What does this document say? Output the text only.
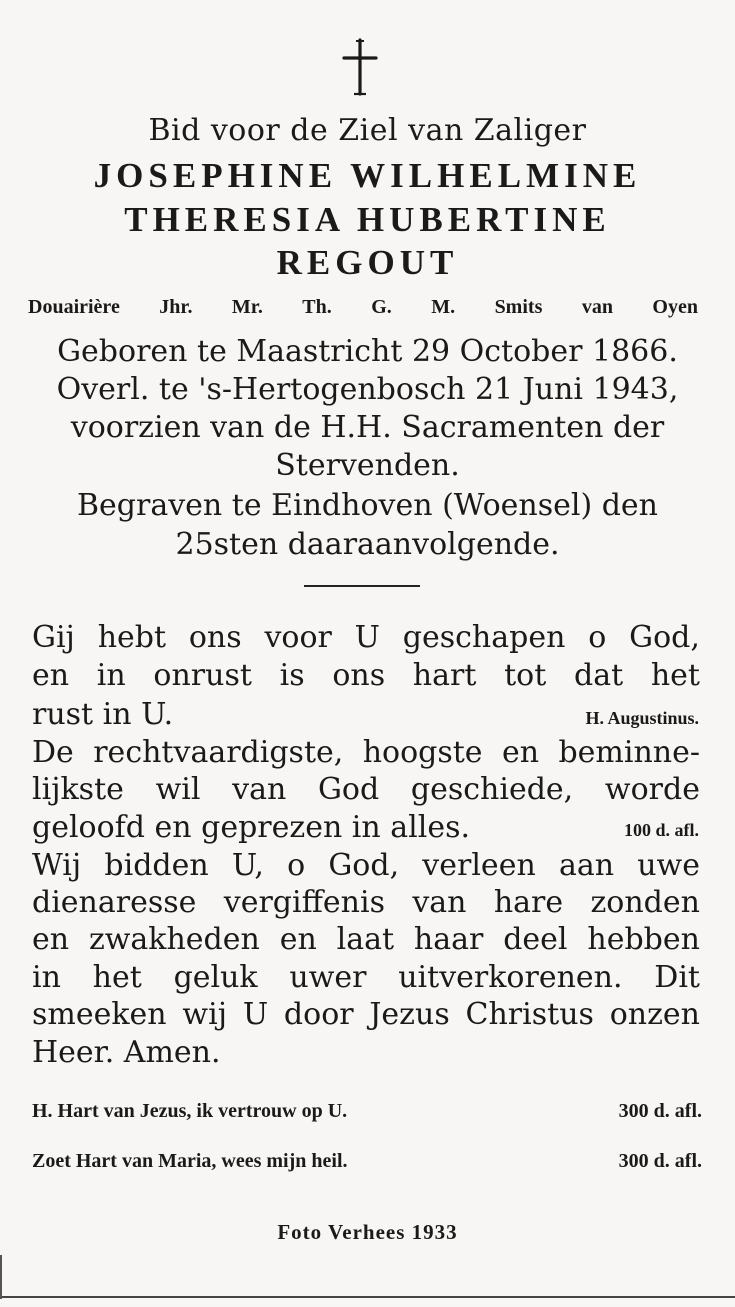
Bid voor de Ziel van Zaliger
JOSEPHINE WILHELMINE
THERESIA HUBERTINE
REGOUT
Douairière Jhr. Mr. Th. G. M. Smits van Oyen
Geboren te Maastricht 29 October 1866.
Overl. te 's-Hertogenbosch 21 Juni 1943,
voorzien van de H.H. Sacramenten der
Stervenden.
Begraven te Eindhoven (Woensel) den
25sten daaraanvolgende.
Gij hebt ons voor U geschapen o God,
en in onrust is ons hart tot dat het
rust in U.	H. Augustinus.
De rechtvaardigste, hoogste en beminne-
lijkste wil van God geschiede, worde
geloofd en geprezen in alles.	100 d. afl.
Wij bidden U, o God, verleen aan uwe
dienaresse vergiffenis van hare zonden
en zwakheden en laat haar deel hebben
in het geluk uwer uitverkorenen. Dit
smeeken wij U door Jezus Christus onzen
Heer. Amen.
H. Hart van Jezus, ik vertrouw op U.	300 d. afl.
Zoet Hart van Maria, wees mijn heil.	300 d. afl.
Foto Verhees 1933
